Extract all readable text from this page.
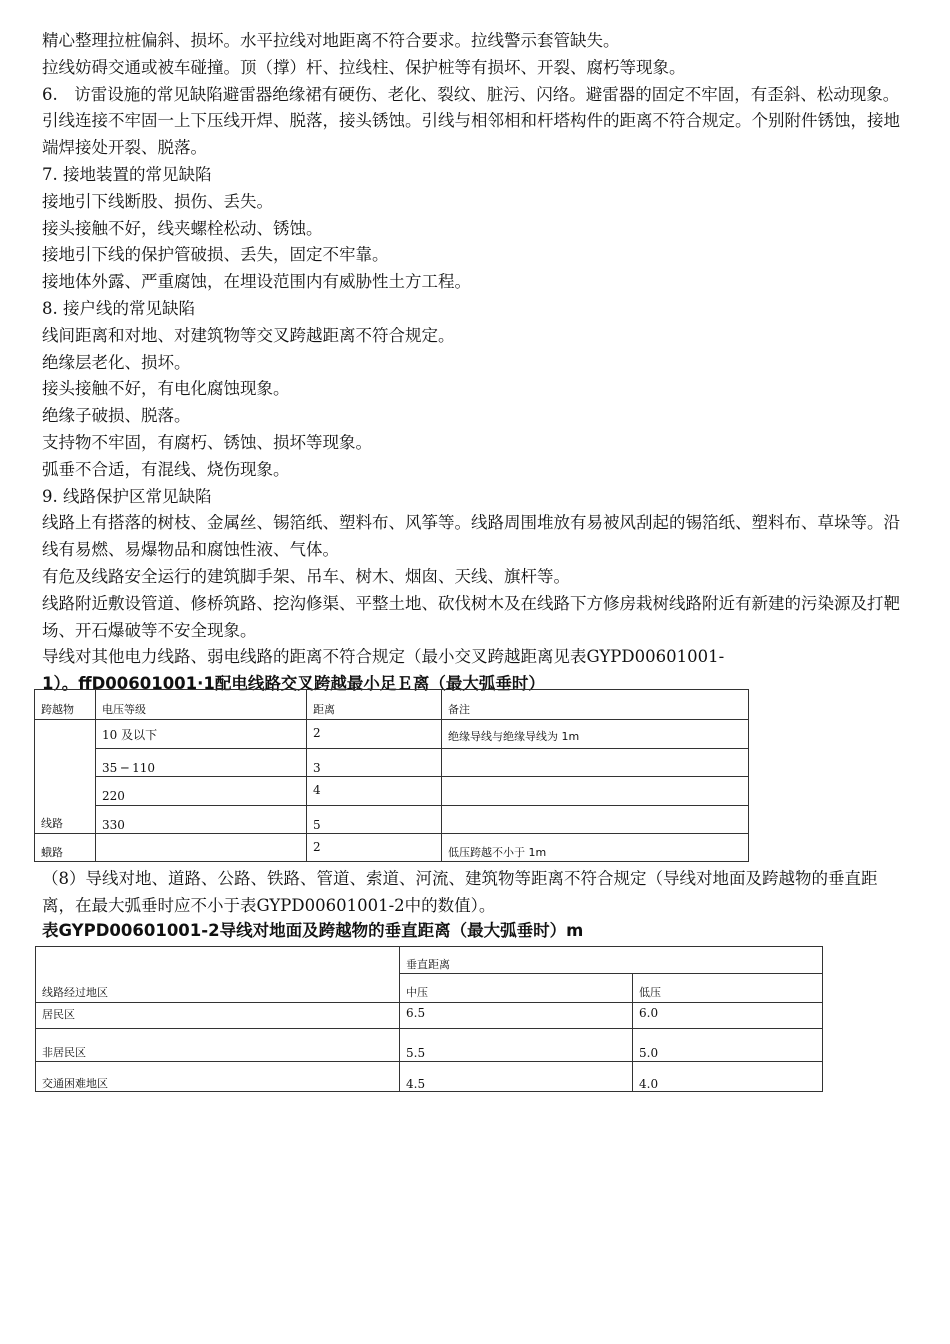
精心整理拉桩偏斜、损坏。水平拉线对地距离不符合要求。拉线警示套管缺失。

拉线妨碍交通或被车碰撞。顶（撑）杆、拉线柱、保护桩等有损坏、开裂、腐朽等现象。

6.　访雷设施的常见缺陷避雷器绝缘裙有硬伤、老化、裂纹、脏污、闪络。避雷器的固定不牢固，有歪斜、松动现象。引线连接不牢固一上下压线开焊、脱落，接头锈蚀。引线与相邻相和杆塔构件的距离不符合规定。个别附件锈蚀，接地端焊接处开裂、脱落。

7. 接地装置的常见缺陷

接地引下线断股、损伤、丢失。

接头接触不好，线夹螺栓松动、锈蚀。

接地引下线的保护管破损、丢失，固定不牢靠。

接地体外露、严重腐蚀，在埋设范围内有威胁性土方工程。

8. 接户线的常见缺陷

线间距离和对地、对建筑物等交叉跨越距离不符合规定。

绝缘层老化、损坏。

接头接触不好，有电化腐蚀现象。

绝缘子破损、脱落。

支持物不牢固，有腐朽、锈蚀、损坏等现象。

弧垂不合适，有混线、烧伤现象。

9. 线路保护区常见缺陷

线路上有搭落的树枝、金属丝、锡箔纸、塑料布、风筝等。线路周围堆放有易被风刮起的锡箔纸、塑料布、草垛等。沿线有易燃、易爆物品和腐蚀性液、气体。

有危及线路安全运行的建筑脚手架、吊车、树木、烟囱、天线、旗杆等。

线路附近敷设管道、修桥筑路、挖沟修渠、平整土地、砍伐树木及在线路下方修房栽树线路附近有新建的污染源及打靶场、开石爆破等不安全现象。

导线对其他电力线路、弱电线路的距离不符合规定（最小交叉跨越距离见表GYPD00601001-

1）。ffD00601001·1配电线路交叉跨越最小足Ｅ离（最大弧垂时）

跨越物	电压等级	距离	备注
线路	10 及以下	2	绝缘导线与绝缘导线为 1m
	35 ─ 110	3	
	220	4	
	330	5	
蛾路		2	低压跨越不小于 1m

（8）导线对地、道路、公路、铁路、管道、索道、河流、建筑物等距离不符合规定（导线对地面及跨越物的垂直距离，在最大弧垂时应不小于表GYPD00601001-2中的数值）。

表GYPD00601001-2导线对地面及跨越物的垂直距离（最大弧垂时）m

线路经过地区	垂直距离	
	中压	低压
居民区	6.5	6.0
非居民区	5.5	5.0
交通困难地区	4.5	4.0
